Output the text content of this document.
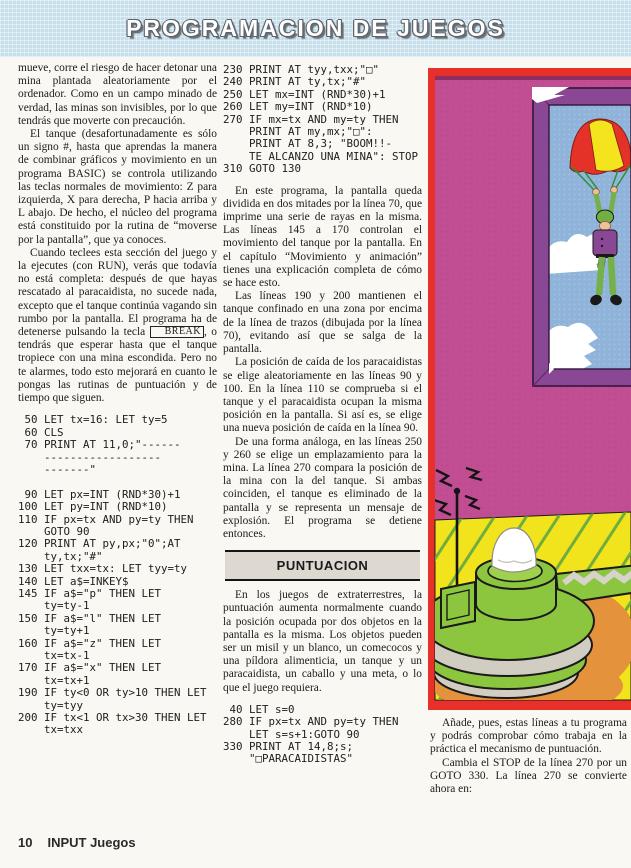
PROGRAMACION DE JUEGOS

mueve, corre el riesgo de hacer detonar una mina plantada aleatoriamente por el ordenador. Como en un campo minado de verdad, las minas son invisibles, por lo que tendrás que moverte con precaución.

El tanque (desafortunadamente es sólo un signo #, hasta que aprendas la manera de combinar gráficos y movimiento en un programa BASIC) se controla utilizando las teclas normales de movimiento: Z para izquierda, X para derecha, P hacia arriba y L abajo. De hecho, el núcleo del programa está constituido por la rutina de “moverse por la pantalla”, que ya conoces.

Cuando teclees esta sección del juego y la ejecutes (con RUN), verás que todavía no está completa: después de que hayas rescatado al paracaidista, no sucede nada, excepto que el tanque continúa vagando sin rumbo por la pantalla. El programa ha de detenerse pulsando la tecla BREAK , o tendrás que esperar hasta que el tanque tropiece con una mina escondida. Pero no te alarmes, todo esto mejorará en cuanto le pongas las rutinas de puntuación y de tiempo que siguen.

50 LET tx=16: LET ty=5
60 CLS
70 PRINT AT 11,0;"------
------------------
-------"
90 LET px=INT (RND*30)+1
100 LET py=INT (RND*10)
110 IF px=tx AND py=ty THEN
GOTO 90
120 PRINT AT py,px;"0";AT
ty,tx;"#"
130 LET txx=tx: LET tyy=ty
140 LET a$=INKEY$
145 IF a$="p" THEN LET
ty=ty-1
150 IF a$="l" THEN LET
ty=ty+1
160 IF a$="z" THEN LET
tx=tx-1
170 IF a$="x" THEN LET
tx=tx+1
190 IF ty<0 OR ty>10 THEN LET
ty=tyy
200 IF tx<1 OR tx>30 THEN LET
tx=txx
230 PRINT AT tyy,txx;"□"
240 PRINT AT ty,tx;"#"
250 LET mx=INT (RND*30)+1
260 LET my=INT (RND*10)
270 IF mx=tx AND my=ty THEN
PRINT AT my,mx;"□":
PRINT AT 8,3; "BOOM!!-
TE ALCANZO UNA MINA": STOP
310 GOTO 130

En este programa, la pantalla queda dividida en dos mitades por la línea 70, que imprime una serie de rayas en la misma. Las líneas 145 a 170 controlan el movimiento del tanque por la pantalla. En el capítulo “Movimiento y animación” tienes una explicación completa de cómo se hace esto.

Las líneas 190 y 200 mantienen el tanque confinado en una zona por encima de la línea de trazos (dibujada por la línea 70), evitando así que se salga de la pantalla.

La posición de caída de los paracaidistas se elige aleatoriamente en las líneas 90 y 100. En la línea 110 se comprueba si el tanque y el paracaidista ocupan la misma posición en la pantalla. Si así es, se elige una nueva posición de caída en la línea 90.

De una forma análoga, en las líneas 250 y 260 se elige un emplazamiento para la mina. La línea 270 compara la posición de la mina con la del tanque. Si ambas coinciden, el tanque es eliminado de la pantalla y se representa un mensaje de explosión. El programa se detiene entonces.

PUNTUACION

En los juegos de extraterrestres, la puntuación aumenta normalmente cuando la posición ocupada por dos objetos en la pantalla es la misma. Los objetos pueden ser un misil y un blanco, un comecocos y una píldora alimenticia, un tanque y un paracaidista, un caballo y una meta, o lo que el juego requiera.

40 LET s=0
280 IF px=tx AND py=ty THEN
LET s=s+1:GOTO 90
330 PRINT AT 14,8;s;
"□PARACAIDISTAS"

Añade, pues, estas líneas a tu programa y podrás comprobar cómo trabaja en la práctica el mecanismo de puntuación.

Cambia el STOP de la línea 270 por un GOTO 330. La línea 270 se convierte ahora en:

10 INPUT Juegos
